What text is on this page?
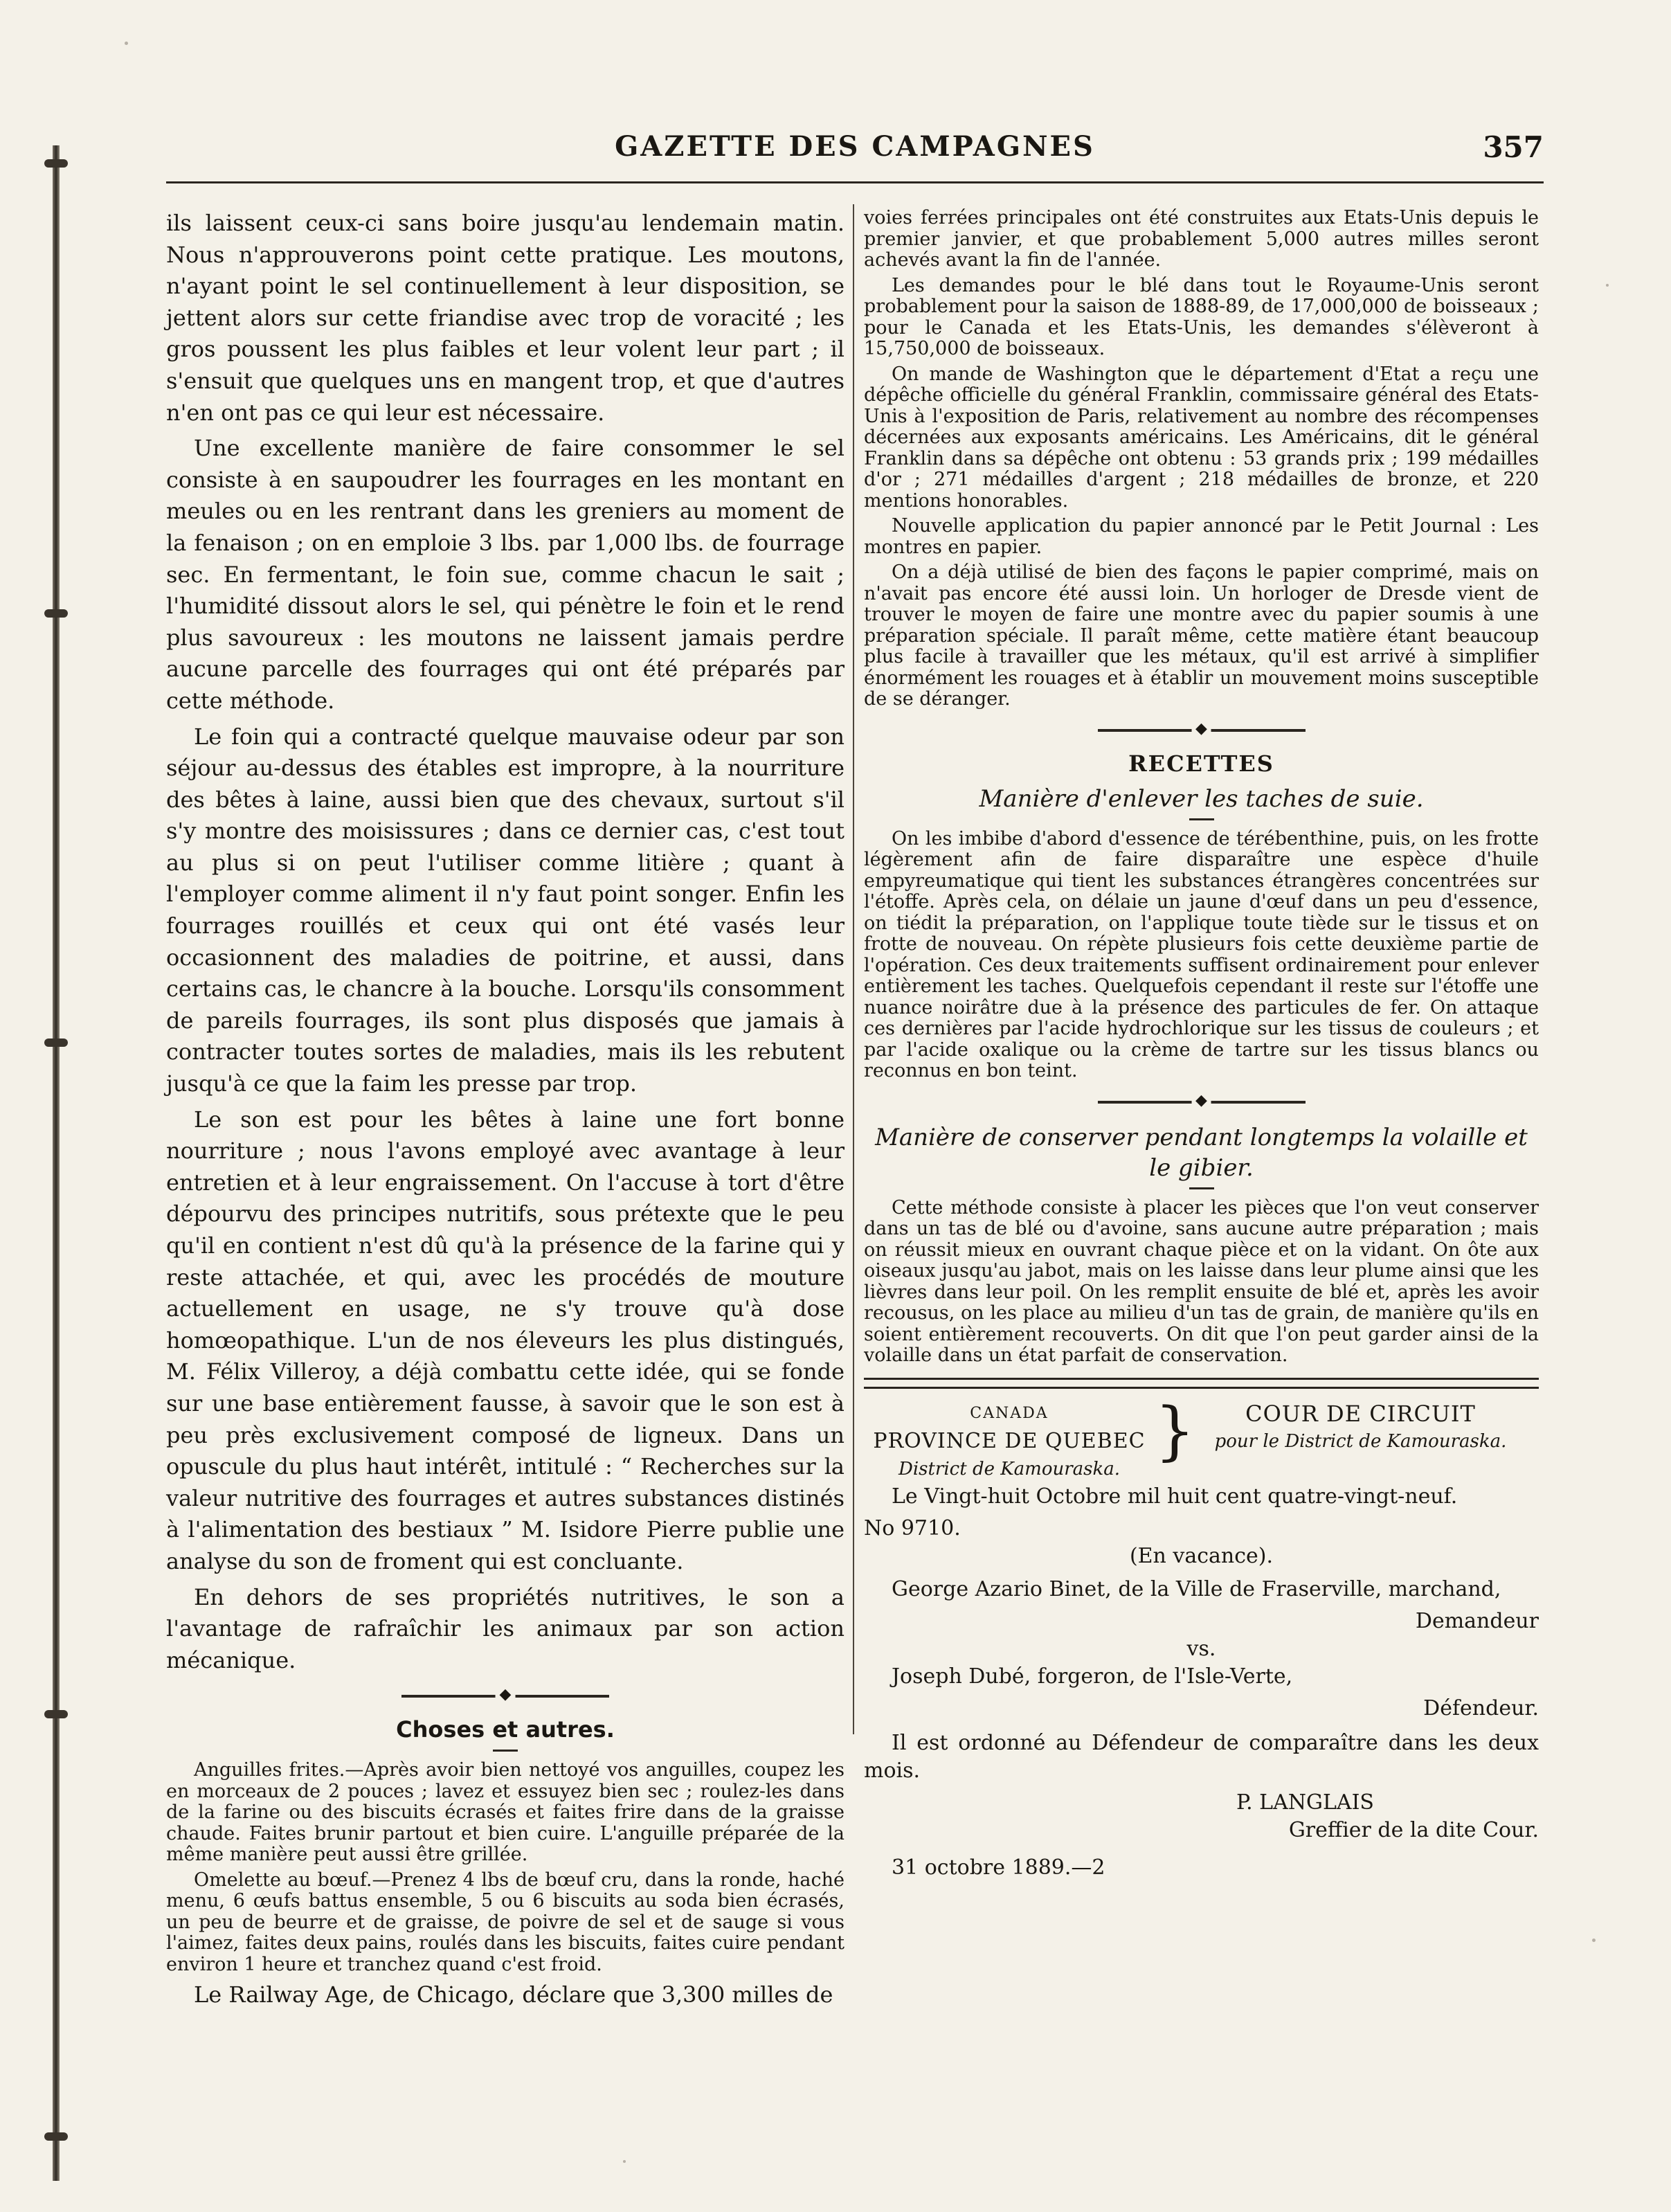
GAZETTE DES CAMPAGNES	357

ils laissent ceux-ci sans boire jusqu'au lendemain matin. Nous n'approuverons point cette pratique. Les moutons, n'ayant point le sel continuellement à leur disposition, se jettent alors sur cette friandise avec trop de voracité ; les gros poussent les plus faibles et leur volent leur part ; il s'ensuit que quelques uns en mangent trop, et que d'autres n'en ont pas ce qui leur est nécessaire.

Une excellente manière de faire consommer le sel consiste à en saupoudrer les fourrages en les montant en meules ou en les rentrant dans les greniers au moment de la fenaison ; on en emploie 3 lbs. par 1,000 lbs. de fourrage sec. En fermentant, le foin sue, comme chacun le sait ; l'humidité dissout alors le sel, qui pénètre le foin et le rend plus savoureux : les moutons ne laissent jamais perdre aucune parcelle des fourrages qui ont été préparés par cette méthode.

Le foin qui a contracté quelque mauvaise odeur par son séjour au-dessus des étables est impropre, à la nourriture des bêtes à laine, aussi bien que des chevaux, surtout s'il s'y montre des moisissures ; dans ce dernier cas, c'est tout au plus si on peut l'utiliser comme litière ; quant à l'employer comme aliment il n'y faut point songer. Enfin les fourrages rouillés et ceux qui ont été vasés leur occasionnent des maladies de poitrine, et aussi, dans certains cas, le chancre à la bouche. Lorsqu'ils consomment de pareils fourrages, ils sont plus disposés que jamais à contracter toutes sortes de maladies, mais ils les rebutent jusqu'à ce que la faim les presse par trop.

Le son est pour les bêtes à laine une fort bonne nourriture ; nous l'avons employé avec avantage à leur entretien et à leur engraissement. On l'accuse à tort d'être dépourvu des principes nutritifs, sous prétexte que le peu qu'il en contient n'est dû qu'à la présence de la farine qui y reste attachée, et qui, avec les procédés de mouture actuellement en usage, ne s'y trouve qu'à dose homœopathique. L'un de nos éleveurs les plus distingués, M. Félix Villeroy, a déjà combattu cette idée, qui se fonde sur une base entièrement fausse, à savoir que le son est à peu près exclusivement composé de ligneux. Dans un opuscule du plus haut intérêt, intitulé : “ Recherches sur la valeur nutritive des fourrages et autres substances distinés à l'alimentation des bestiaux ” M. Isidore Pierre publie une analyse du son de froment qui est concluante.

En dehors de ses propriétés nutritives, le son a l'avantage de rafraîchir les animaux par son action mécanique.

◆
Choses et autres.

Anguilles frites.—Après avoir bien nettoyé vos anguilles, coupez les en morceaux de 2 pouces ; lavez et essuyez bien sec ; roulez-les dans de la farine ou des biscuits écrasés et faites frire dans de la graisse chaude. Faites brunir partout et bien cuire. L'anguille préparée de la même manière peut aussi être grillée.

Omelette au bœuf.—Prenez 4 lbs de bœuf cru, dans la ronde, haché menu, 6 œufs battus ensemble, 5 ou 6 biscuits au soda bien écrasés, un peu de beurre et de graisse, de poivre de sel et de sauge si vous l'aimez, faites deux pains, roulés dans les biscuits, faites cuire pendant environ 1 heure et tranchez quand c'est froid.

Le Railway Age, de Chicago, déclare que 3,300 milles de

voies ferrées principales ont été construites aux Etats-Unis depuis le premier janvier, et que probablement 5,000 autres milles seront achevés avant la fin de l'année.

Les demandes pour le blé dans tout le Royaume-Unis seront probablement pour la saison de 1888-89, de 17,000,000 de boisseaux ; pour le Canada et les Etats-Unis, les demandes s'élèveront à 15,750,000 de boisseaux.

On mande de Washington que le département d'Etat a reçu une dépêche officielle du général Franklin, commissaire général des Etats-Unis à l'exposition de Paris, relativement au nombre des récompenses décernées aux exposants américains. Les Américains, dit le général Franklin dans sa dépêche ont obtenu : 53 grands prix ; 199 médailles d'or ; 271 médailles d'argent ; 218 médailles de bronze, et 220 mentions honorables.

Nouvelle application du papier annoncé par le Petit Journal : Les montres en papier.

On a déjà utilisé de bien des façons le papier comprimé, mais on n'avait pas encore été aussi loin. Un horloger de Dresde vient de trouver le moyen de faire une montre avec du papier soumis à une préparation spéciale. Il paraît même, cette matière étant beaucoup plus facile à travailler que les métaux, qu'il est arrivé à simplifier énormément les rouages et à établir un mouvement moins susceptible de se déranger.

◆
RECETTES
Manière d'enlever les taches de suie.

On les imbibe d'abord d'essence de térébenthine, puis, on les frotte légèrement afin de faire disparaître une espèce d'huile empyreumatique qui tient les substances étrangères concentrées sur l'étoffe. Après cela, on délaie un jaune d'œuf dans un peu d'essence, on tiédit la préparation, on l'applique toute tiède sur le tissus et on frotte de nouveau. On répète plusieurs fois cette deuxième partie de l'opération. Ces deux traitements suffisent ordinairement pour enlever entièrement les taches. Quelquefois cependant il reste sur l'étoffe une nuance noirâtre due à la présence des particules de fer. On attaque ces dernières par l'acide hydrochlorique sur les tissus de couleurs ; et par l'acide oxalique ou la crème de tartre sur les tissus blancs ou reconnus en bon teint.

◆
Manière de conserver pendant longtemps la volaille et le gibier.

Cette méthode consiste à placer les pièces que l'on veut conserver dans un tas de blé ou d'avoine, sans aucune autre préparation ; mais on réussit mieux en ouvrant chaque pièce et on la vidant. On ôte aux oiseaux jusqu'au jabot, mais on les laisse dans leur plume ainsi que les lièvres dans leur poil. On les remplit ensuite de blé et, après les avoir recousus, on les place au milieu d'un tas de grain, de manière qu'ils en soient entièrement recouverts. On dit que l'on peut garder ainsi de la volaille dans un état parfait de conservation.

CANADA
PROVINCE DE QUEBEC
District de Kamouraska.
}	COUR DE CIRCUIT
pour le District de Kamouraska.

Le Vingt-huit Octobre mil huit cent quatre-vingt-neuf.

No 9710.
(En vacance).

George Azario Binet, de la Ville de Fraserville, marchand,

Demandeur
vs.

Joseph Dubé, forgeron, de l'Isle-Verte,

Défendeur.

Il est ordonné au Défendeur de comparaître dans les deux mois.

P. LANGLAIS
Greffier de la dite Cour.

31 octobre 1889.—2
